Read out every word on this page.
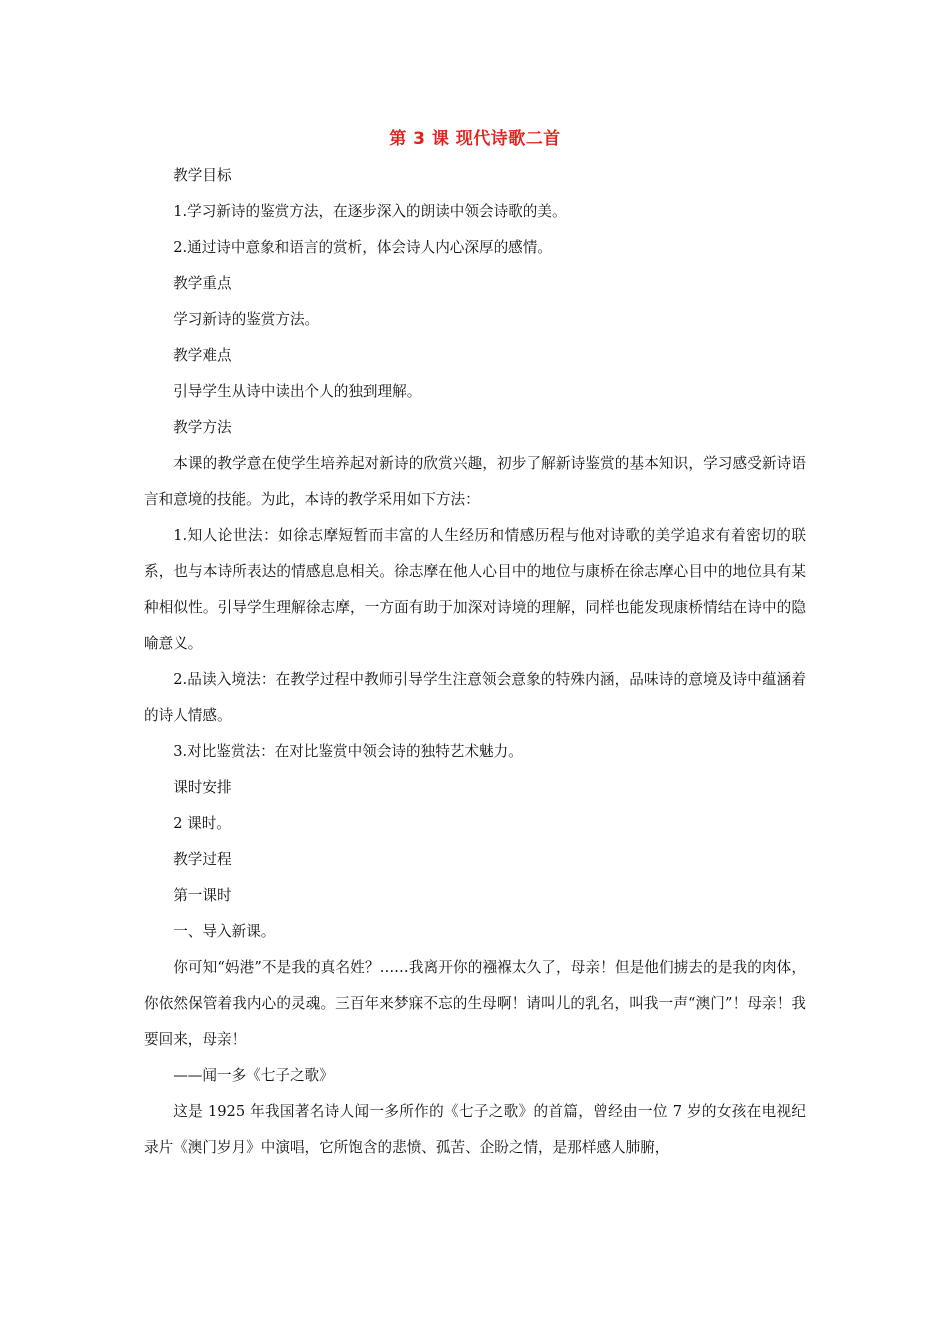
第 3 课 现代诗歌二首

教学目标

1.学习新诗的鉴赏方法，在逐步深入的朗读中领会诗歌的美。

2.通过诗中意象和语言的赏析，体会诗人内心深厚的感情。

教学重点

学习新诗的鉴赏方法。

教学难点

引导学生从诗中读出个人的独到理解。

教学方法

本课的教学意在使学生培养起对新诗的欣赏兴趣，初步了解新诗鉴赏的基本知识，学习感受新诗语言和意境的技能。为此，本诗的教学采用如下方法：

1.知人论世法：如徐志摩短暂而丰富的人生经历和情感历程与他对诗歌的美学追求有着密切的联系，也与本诗所表达的情感息息相关。徐志摩在他人心目中的地位与康桥在徐志摩心目中的地位具有某种相似性。引导学生理解徐志摩，一方面有助于加深对诗境的理解，同样也能发现康桥情结在诗中的隐喻意义。

2.品读入境法：在教学过程中教师引导学生注意领会意象的特殊内涵，品味诗的意境及诗中蕴涵着的诗人情感。

3.对比鉴赏法：在对比鉴赏中领会诗的独特艺术魅力。

课时安排

2 课时。

教学过程

第一课时

一、导入新课。

你可知“妈港”不是我的真名姓？……我离开你的襁褓太久了，母亲！但是他们掳去的是我的肉体，你依然保管着我内心的灵魂。三百年来梦寐不忘的生母啊！请叫儿的乳名，叫我一声“澳门”！母亲！我要回来，母亲！

——闻一多《七子之歌》

这是 1925 年我国著名诗人闻一多所作的《七子之歌》的首篇，曾经由一位 7 岁的女孩在电视纪录片《澳门岁月》中演唱，它所饱含的悲愤、孤苦、企盼之情，是那样感人肺腑，
